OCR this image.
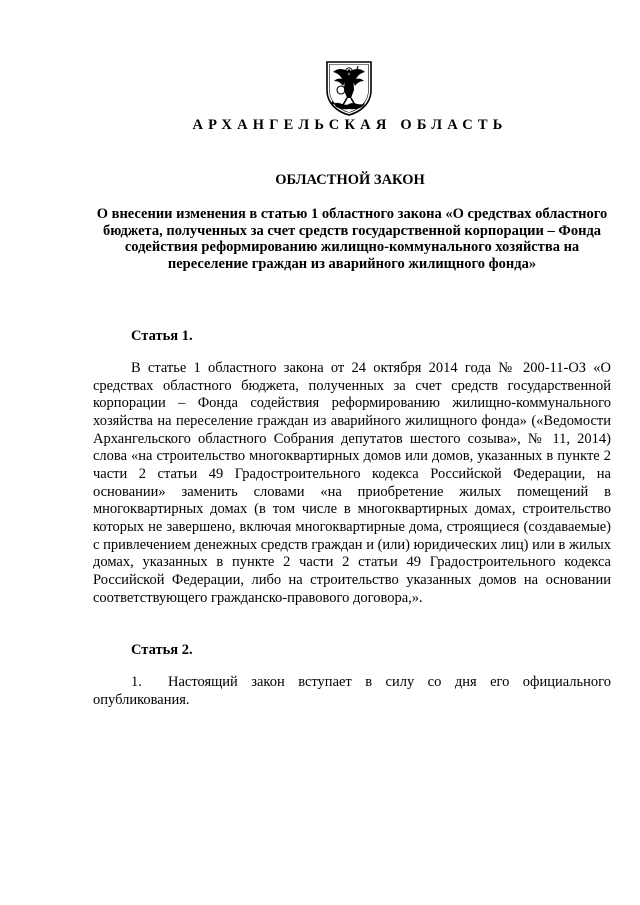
АРХАНГЕЛЬСКАЯ ОБЛАСТЬ
ОБЛАСТНОЙ ЗАКОН
О внесении изменения в статью 1 областного закона «О средствах областного бюджета, полученных за счет средств государственной корпорации – Фонда содействия реформированию жилищно-коммунального хозяйства на переселение граждан из аварийного жилищного фонда»
Статья 1.
В статье 1 областного закона от 24 октября 2014 года № 200-11-ОЗ «О средствах областного бюджета, полученных за счет средств государственной корпорации – Фонда содействия реформированию жилищно-коммунального хозяйства на переселение граждан из аварийного жилищного фонда» («Ведомости Архангельского областного Собрания депутатов шестого созыва», № 11, 2014) слова «на строительство многоквартирных домов или домов, указанных в пункте 2 части 2 статьи 49 Градостроительного кодекса Российской Федерации, на основании» заменить словами «на приобретение жилых помещений в многоквартирных домах (в том числе в многоквартирных домах, строительство которых не завершено, включая многоквартирные дома, строящиеся (создаваемые) с привлечением денежных средств граждан и (или) юридических лиц) или в жилых домах, указанных в пункте 2 части 2 статьи 49 Градостроительного кодекса Российской Федерации, либо на строительство указанных домов на основании соответствующего гражданско-правового договора,».
Статья 2.
1. Настоящий закон вступает в силу со дня его официального опубликования.
